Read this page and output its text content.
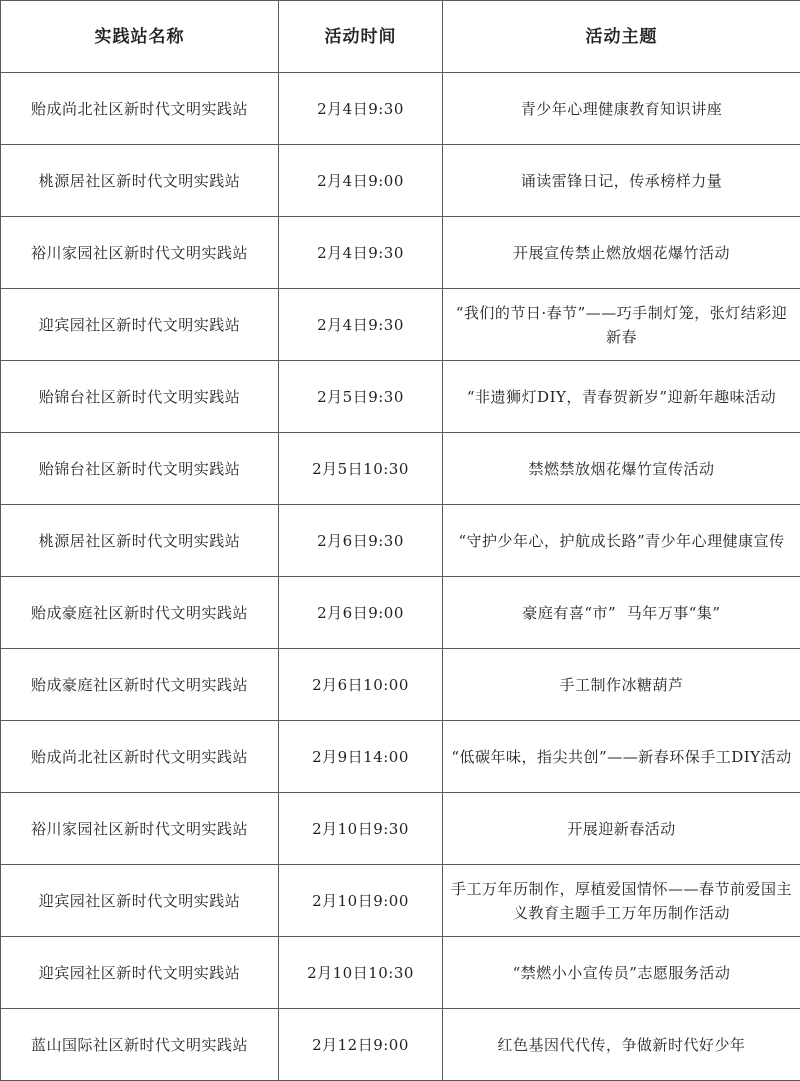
实践站名称	活动时间	活动主题
贻成尚北社区新时代文明实践站	2月4日9:30	青少年心理健康教育知识讲座
桃源居社区新时代文明实践站	2月4日9:00	诵读雷锋日记，传承榜样力量
裕川家园社区新时代文明实践站	2月4日9:30	开展宣传禁止燃放烟花爆竹活动
迎宾园社区新时代文明实践站	2月4日9:30	“我们的节日·春节”——巧手制灯笼，张灯结彩迎新春
贻锦台社区新时代文明实践站	2月5日9:30	“非遗狮灯DIY，青春贺新岁”迎新年趣味活动
贻锦台社区新时代文明实践站	2月5日10:30	禁燃禁放烟花爆竹宣传活动
桃源居社区新时代文明实践站	2月6日9:30	“守护少年心，护航成长路”青少年心理健康宣传
贻成豪庭社区新时代文明实践站	2月6日9:00	豪庭有喜“市”  马年万事“集”
贻成豪庭社区新时代文明实践站	2月6日10:00	手工制作冰糖葫芦
贻成尚北社区新时代文明实践站	2月9日14:00	“低碳年味，指尖共创”——新春环保手工DIY活动
裕川家园社区新时代文明实践站	2月10日9:30	开展迎新春活动
迎宾园社区新时代文明实践站	2月10日9:00	手工万年历制作，厚植爱国情怀——春节前爱国主义教育主题手工万年历制作活动
迎宾园社区新时代文明实践站	2月10日10:30	“禁燃小小宣传员”志愿服务活动
蓝山国际社区新时代文明实践站	2月12日9:00	红色基因代代传，争做新时代好少年
